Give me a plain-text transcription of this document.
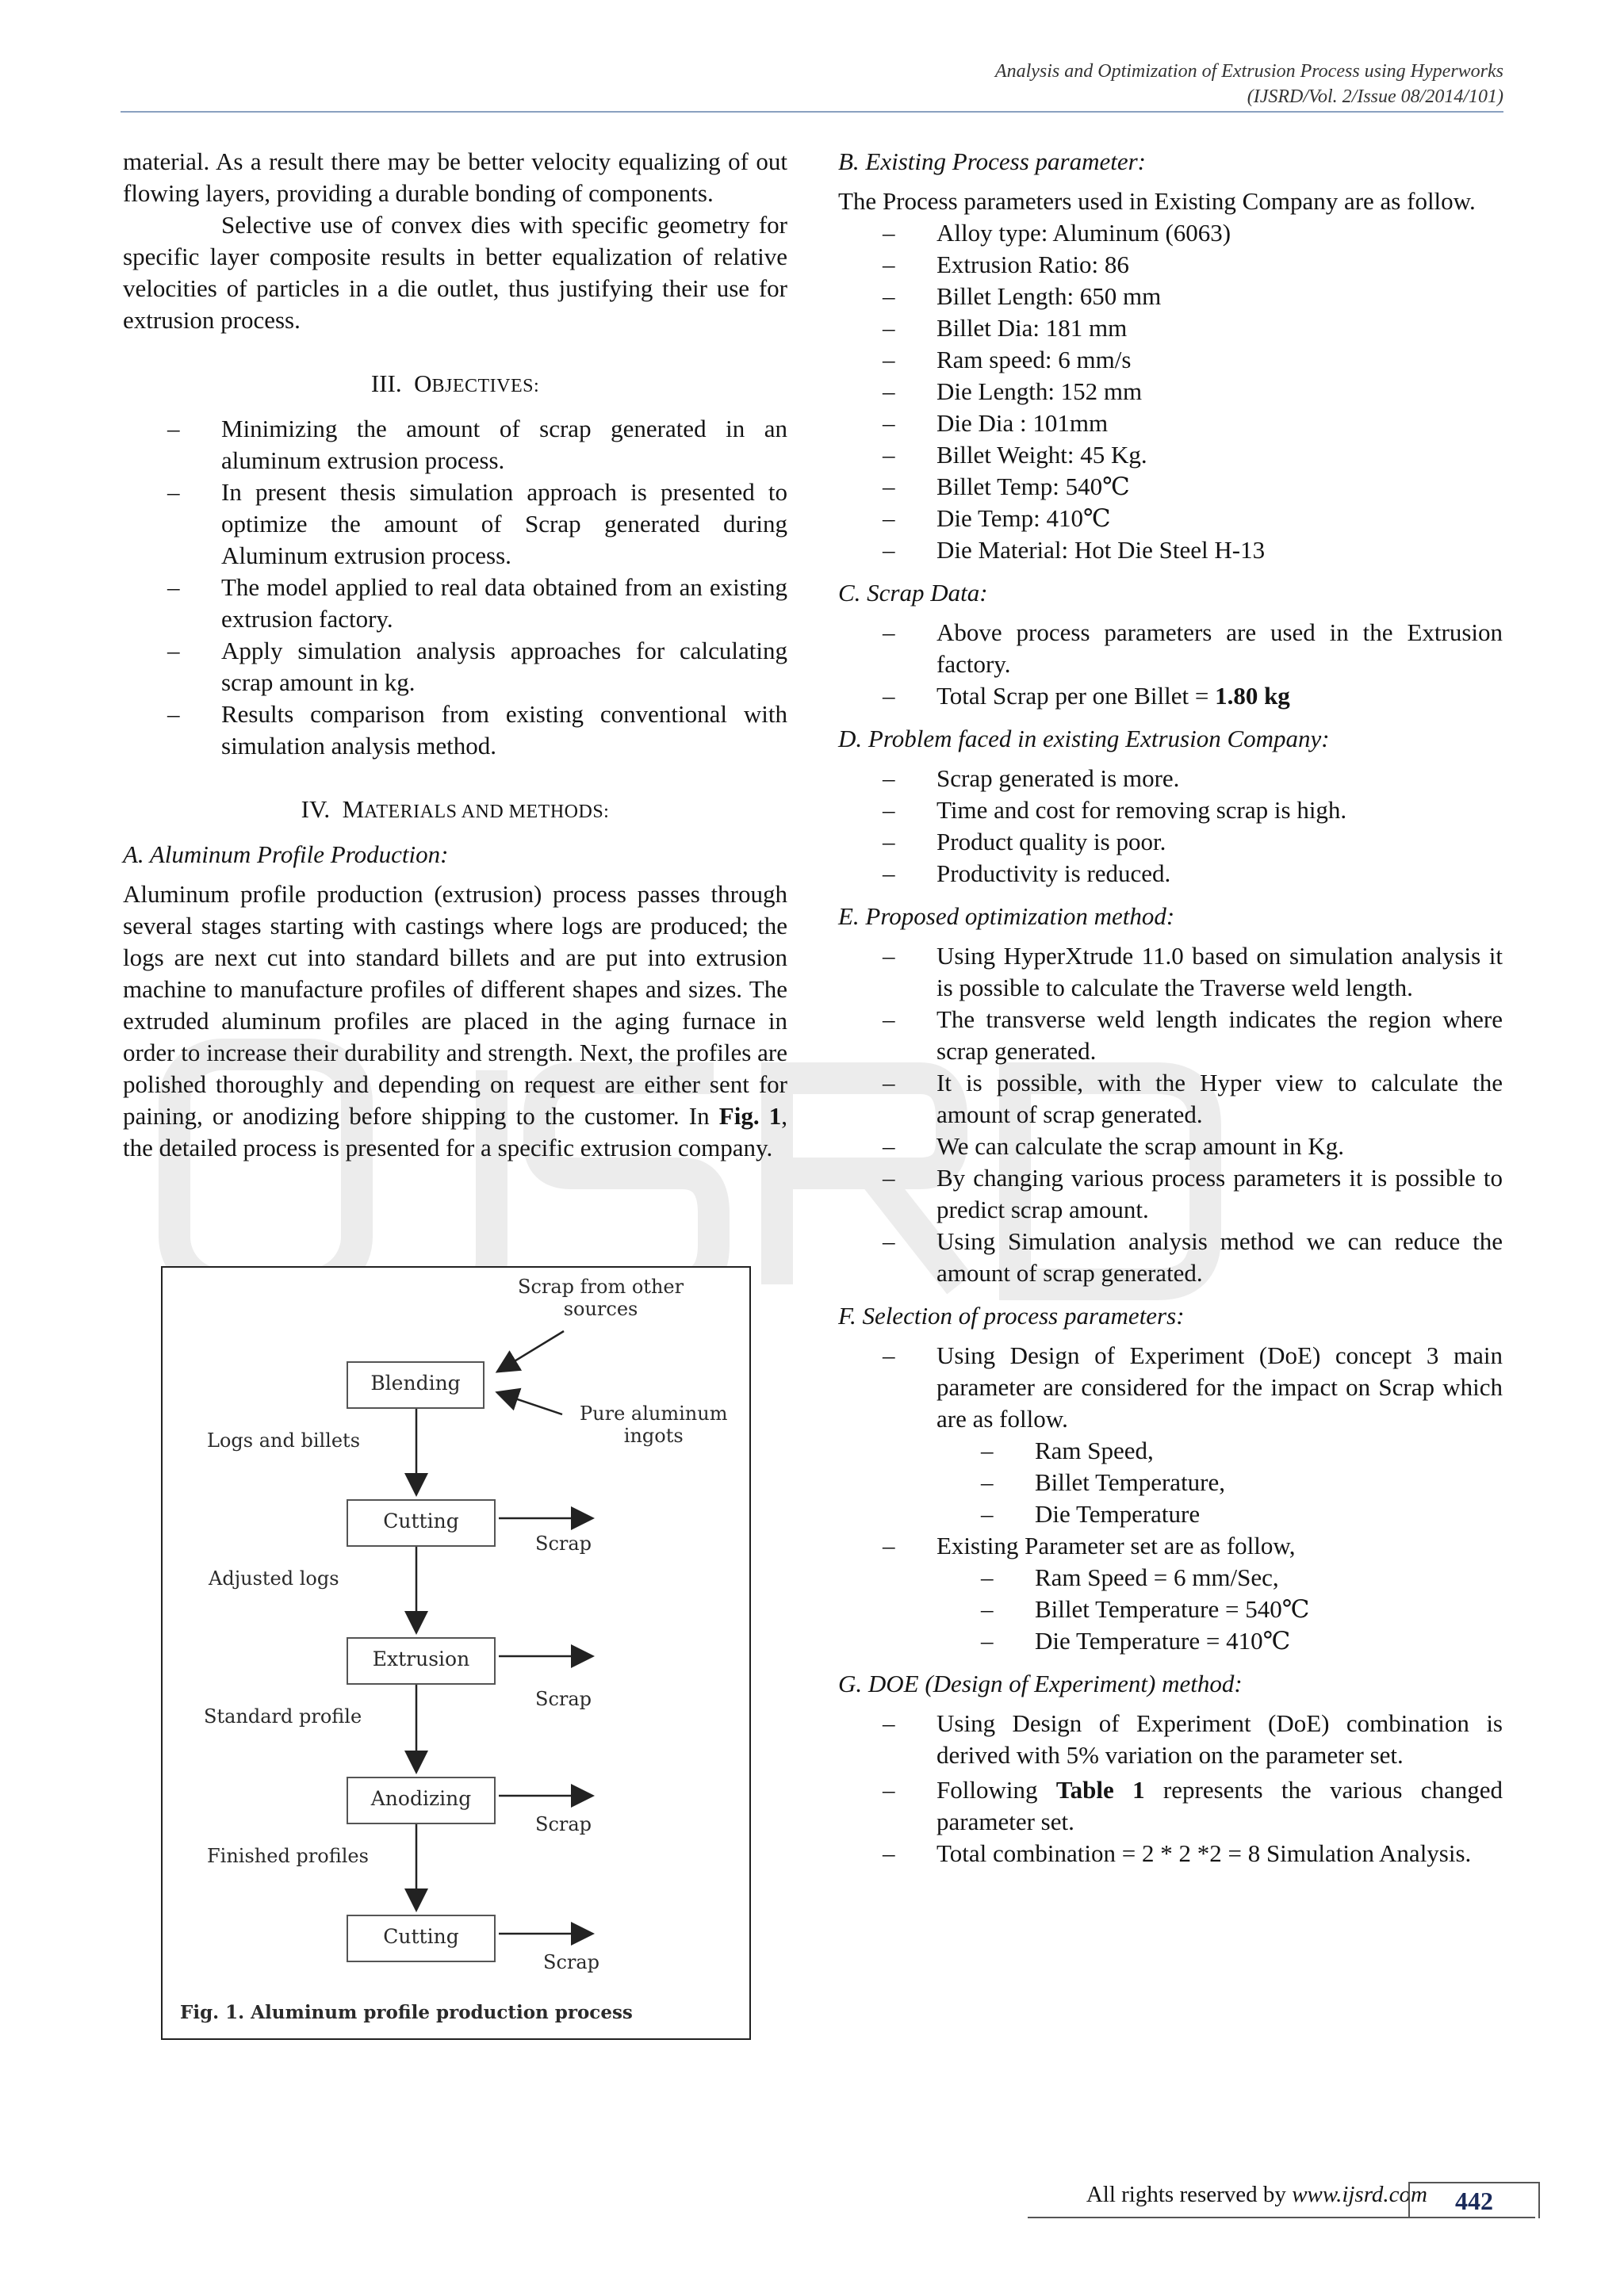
Analysis and Optimization of Extrusion Process using Hyperworks
(IJSRD/Vol. 2/Issue 08/2014/101)

material. As a result there may be better velocity equalizing of out flowing layers, providing a durable bonding of components.

Selective use of convex dies with specific geometry for specific layer composite results in better equalization of relative velocities of particles in a die outlet, thus justifying their use for extrusion process.

III. OBJECTIVES:
– Minimizing the amount of scrap generated in an aluminum extrusion process.
– In present thesis simulation approach is presented to optimize the amount of Scrap generated during Aluminum extrusion process.
– The model applied to real data obtained from an existing extrusion factory.
– Apply simulation analysis approaches for calculating scrap amount in kg.
– Results comparison from existing conventional with simulation analysis method.
IV. MATERIALS AND METHODS:
A. Aluminum Profile Production:

Aluminum profile production (extrusion) process passes through several stages starting with castings where logs are produced; the logs are next cut into standard billets and are put into extrusion machine to manufacture profiles of different shapes and sizes. The extruded aluminum profiles are placed in the aging furnace in order to increase their durability and strength. Next, the profiles are polished thoroughly and depending on request are either sent for paining, or anodizing before shipping to the customer. In Fig. 1, the detailed process is presented for a specific extrusion company.

Scrap from other
sources
Pure aluminum
ingots
Blending
Cutting
Extrusion
Anodizing
Cutting
Logs and billets
Adjusted logs
Standard profile
Finished profiles
Scrap
Scrap
Scrap
Scrap
Fig. 1. Aluminum profile production process
B. Existing Process parameter:

The Process parameters used in Existing Company are as follow.

– Alloy type: Aluminum (6063)
– Extrusion Ratio: 86
– Billet Length: 650 mm
– Billet Dia: 181 mm
– Ram speed: 6 mm/s
– Die Length: 152 mm
– Die Dia : 101mm
– Billet Weight: 45 Kg.
– Billet Temp: 540℃
– Die Temp: 410℃
– Die Material: Hot Die Steel H-13
C. Scrap Data:
– Above process parameters are used in the Extrusion factory.
– Total Scrap per one Billet = 1.80 kg
D. Problem faced in existing Extrusion Company:
– Scrap generated is more.
– Time and cost for removing scrap is high.
– Product quality is poor.
– Productivity is reduced.
E. Proposed optimization method:
– Using HyperXtrude 11.0 based on simulation analysis it is possible to calculate the Traverse weld length.
– The transverse weld length indicates the region where scrap generated.
– It is possible, with the Hyper view to calculate the amount of scrap generated.
– We can calculate the scrap amount in Kg.
– By changing various process parameters it is possible to predict scrap amount.
– Using Simulation analysis method we can reduce the amount of scrap generated.
F. Selection of process parameters:
– Using Design of Experiment (DoE) concept 3 main parameter are considered for the impact on Scrap which are as follow.
– Ram Speed,
– Billet Temperature,
– Die Temperature
– Existing Parameter set are as follow,
– Ram Speed = 6 mm/Sec,
– Billet Temperature = 540℃
– Die Temperature = 410℃
G. DOE (Design of Experiment) method:
– Using Design of Experiment (DoE) combination is derived with 5% variation on the parameter set.
– Following Table 1 represents the various changed parameter set.
– Total combination = 2 * 2 *2 = 8 Simulation Analysis.
All rights reserved by www.ijsrd.com	442
